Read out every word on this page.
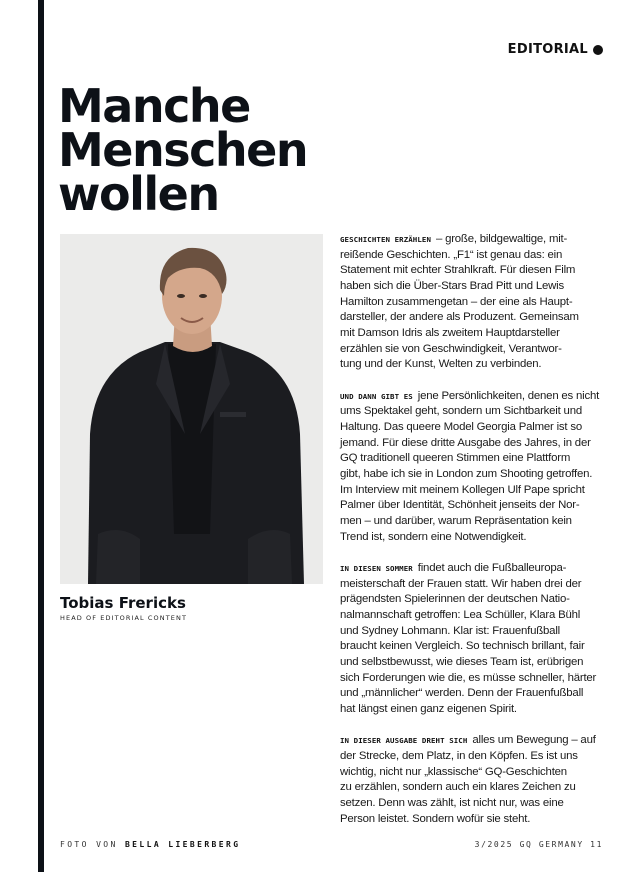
EDITORIAL
Manche
Menschen
wollen
Tobias Frericks
HEAD OF EDITORIAL CONTENT
GESCHICHTEN ERZÄHLEN – große, bildgewaltige, mit-
reißende Geschichten. „F1“ ist genau das: ein
Statement mit echter Strahlkraft. Für diesen Film
haben sich die Über-Stars Brad Pitt und Lewis
Hamilton zusammengetan – der eine als Haupt-
darsteller, der andere als Produzent. Gemeinsam
mit Damson Idris als zweitem Hauptdarsteller
erzählen sie von Geschwindigkeit, Verantwor-
tung und der Kunst, Welten zu verbinden.
UND DANN GIBT ES jene Persönlichkeiten, denen es nicht
ums Spektakel geht, sondern um Sichtbarkeit und
Haltung. Das queere Model Georgia Palmer ist so
jemand. Für diese dritte Ausgabe des Jahres, in der
GQ traditionell queeren Stimmen eine Plattform
gibt, habe ich sie in London zum Shooting getroffen.
Im Interview mit meinem Kollegen Ulf Pape spricht
Palmer über Identität, Schönheit jenseits der Nor-
men – und darüber, warum Repräsentation kein
Trend ist, sondern eine Notwendigkeit.
IN DIESEN SOMMER findet auch die Fußballeuropa-
meisterschaft der Frauen statt. Wir haben drei der
prägendsten Spielerinnen der deutschen Natio-
nalmannschaft getroffen: Lea Schüller, Klara Bühl
und Sydney Lohmann. Klar ist: Frauenfußball
braucht keinen Vergleich. So technisch brillant, fair
und selbstbewusst, wie dieses Team ist, erübrigen
sich Forderungen wie die, es müsse schneller, härter
und „männlicher“ werden. Denn der Frauenfußball
hat längst einen ganz eigenen Spirit.
IN DIESER AUSGABE DREHT SICH alles um Bewegung – auf
der Strecke, dem Platz, in den Köpfen. Es ist uns
wichtig, nicht nur „klassische“ GQ-Geschichten
zu erzählen, sondern auch ein klares Zeichen zu
setzen. Denn was zählt, ist nicht nur, was eine
Person leistet. Sondern wofür sie steht.
FOTO VON BELLA LIEBERBERG	3/2025 GQ GERMANY 11
